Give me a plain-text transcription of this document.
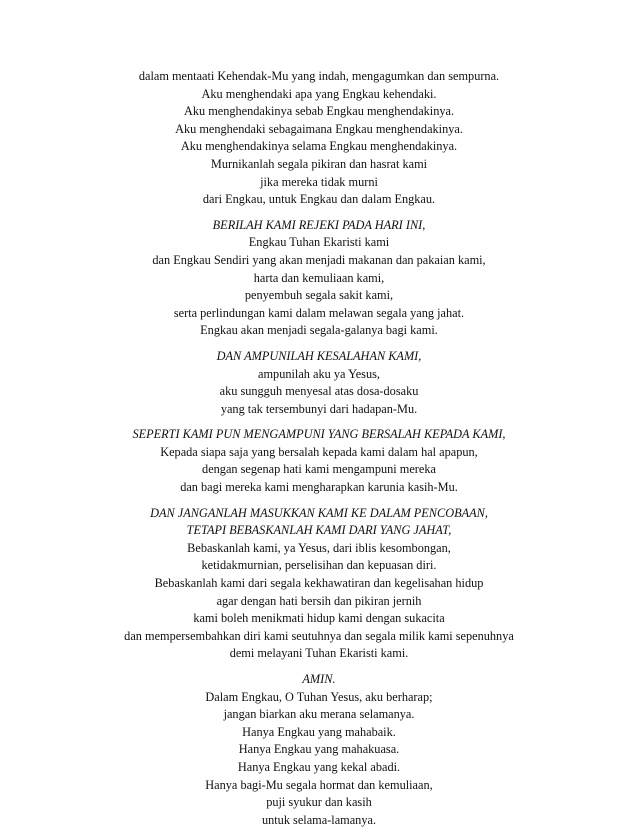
dalam mentaati Kehendak-Mu yang indah, mengagumkan dan sempurna.
Aku menghendaki apa yang Engkau kehendaki.
Aku menghendakinya sebab Engkau menghendakinya.
Aku menghendaki sebagaimana Engkau menghendakinya.
Aku menghendakinya selama Engkau menghendakinya.
Murnikanlah segala pikiran dan hasrat kami
jika mereka tidak murni
dari Engkau, untuk Engkau dan dalam Engkau.
BERILAH KAMI REJEKI PADA HARI INI,
Engkau Tuhan Ekaristi kami
dan Engkau Sendiri yang akan menjadi makanan dan pakaian kami,
harta dan kemuliaan kami,
penyembuh segala sakit kami,
serta perlindungan kami dalam melawan segala yang jahat.
Engkau akan menjadi segala-galanya bagi kami.
DAN AMPUNILAH KESALAHAN KAMI,
ampunilah aku ya Yesus,
aku sungguh menyesal atas dosa-dosaku
yang tak tersembunyi dari hadapan-Mu.
SEPERTI KAMI PUN MENGAMPUNI YANG BERSALAH KEPADA KAMI,
Kepada siapa saja yang bersalah kepada kami dalam hal apapun,
dengan segenap hati kami mengampuni mereka
dan bagi mereka kami mengharapkan karunia kasih-Mu.
DAN JANGANLAH MASUKKAN KAMI KE DALAM PENCOBAAN,
TETAPI BEBASKANLAH KAMI DARI YANG JAHAT,
Bebaskanlah kami, ya Yesus, dari iblis kesombongan,
ketidakmurnian, perselisihan dan kepuasan diri.
Bebaskanlah kami dari segala kekhawatiran dan kegelisahan hidup
agar dengan hati bersih dan pikiran jernih
kami boleh menikmati hidup kami dengan sukacita
dan mempersembahkan diri kami seutuhnya dan segala milik kami sepenuhnya
demi melayani Tuhan Ekaristi kami.
AMIN.
Dalam Engkau, O Tuhan Yesus, aku berharap;
jangan biarkan aku merana selamanya.
Hanya Engkau yang mahabaik.
Hanya Engkau yang mahakuasa.
Hanya Engkau yang kekal abadi.
Hanya bagi-Mu segala hormat dan kemuliaan,
puji syukur dan kasih
untuk selama-lamanya.
